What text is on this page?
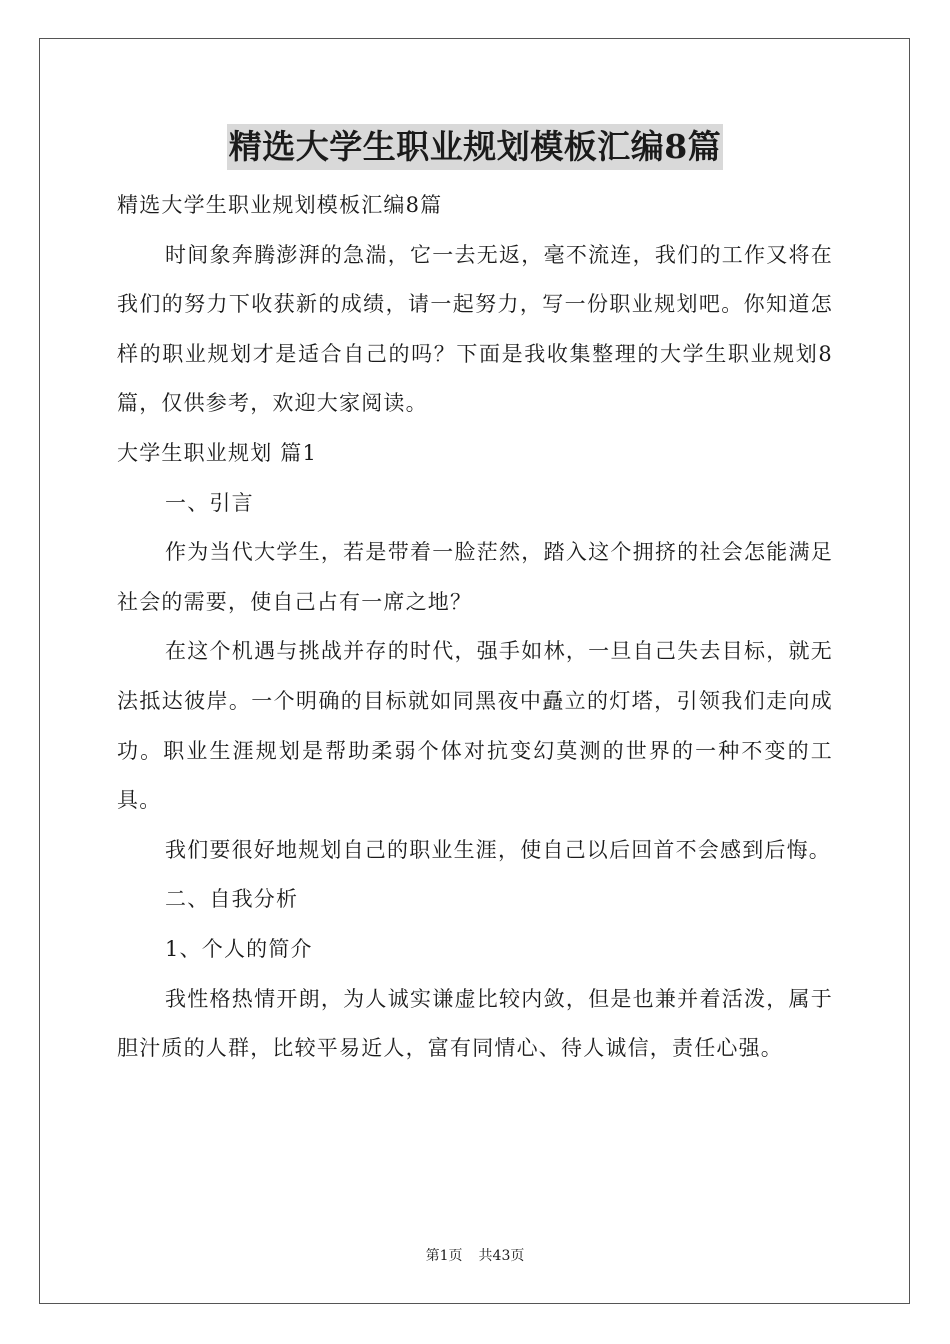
精选大学生职业规划模板汇编8篇

精选大学生职业规划模板汇编8篇

时间象奔腾澎湃的急湍，它一去无返，毫不流连，我们的工作又将在我们的努力下收获新的成绩，请一起努力，写一份职业规划吧。你知道怎样的职业规划才是适合自己的吗？下面是我收集整理的大学生职业规划8篇，仅供参考，欢迎大家阅读。

大学生职业规划 篇1

一、引言

作为当代大学生，若是带着一脸茫然，踏入这个拥挤的社会怎能满足社会的需要，使自己占有一席之地？

在这个机遇与挑战并存的时代，强手如林，一旦自己失去目标，就无法抵达彼岸。一个明确的目标就如同黑夜中矗立的灯塔，引领我们走向成功。职业生涯规划是帮助柔弱个体对抗变幻莫测的世界的一种不变的工具。

我们要很好地规划自己的职业生涯，使自己以后回首不会感到后悔。

二、自我分析

1、个人的简介

我性格热情开朗，为人诚实谦虚比较内敛，但是也兼并着活泼，属于胆汁质的人群，比较平易近人，富有同情心、待人诚信，责任心强。

第1页 共43页
